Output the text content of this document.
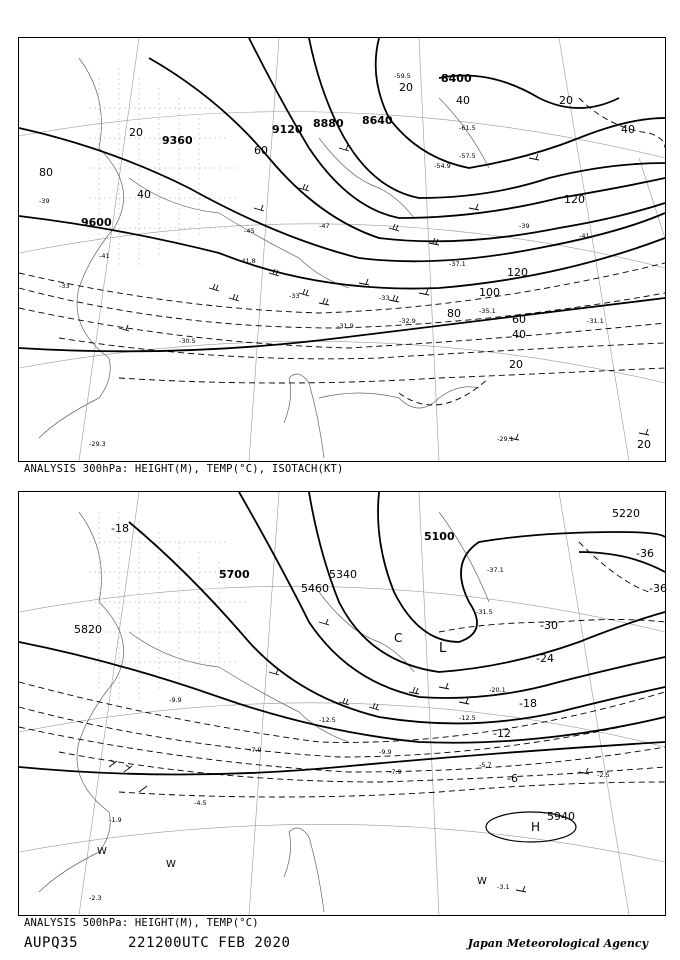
9600
9360
9120 8880 8640
8400
120
120
100
80	60
40
20
80
40
20
60
40
20
20
40
20
-39
-41
-45
-47
-33
-35.1
-32.9
-31.9
-31.1
-30.5
-29.3
-29.1
-37.1
-41.8
-54.9
-57.5
-59.5
-61.5
-39
-41
-33
-33
ANALYSIS 300hPa: HEIGHT(M), TEMP(°C), ISOTACH(KT)
5820
5700
5460
5340
5100
5220
5940
-36
-30
-24
-18
-12
-6
-18
-36
H
L
C
W
W
W
-1.9
-2.3
-2.5
-3.1
-4.5
-5.7
-7.9
-9.9
-12.5
-20.1
-31.5
-37.1
-7.9
-12.5
-9.9
ANALYSIS 500hPa: HEIGHT(M), TEMP(°C)
AUPQ35	221200UTC FEB 2020	Japan Meteorological Agency
